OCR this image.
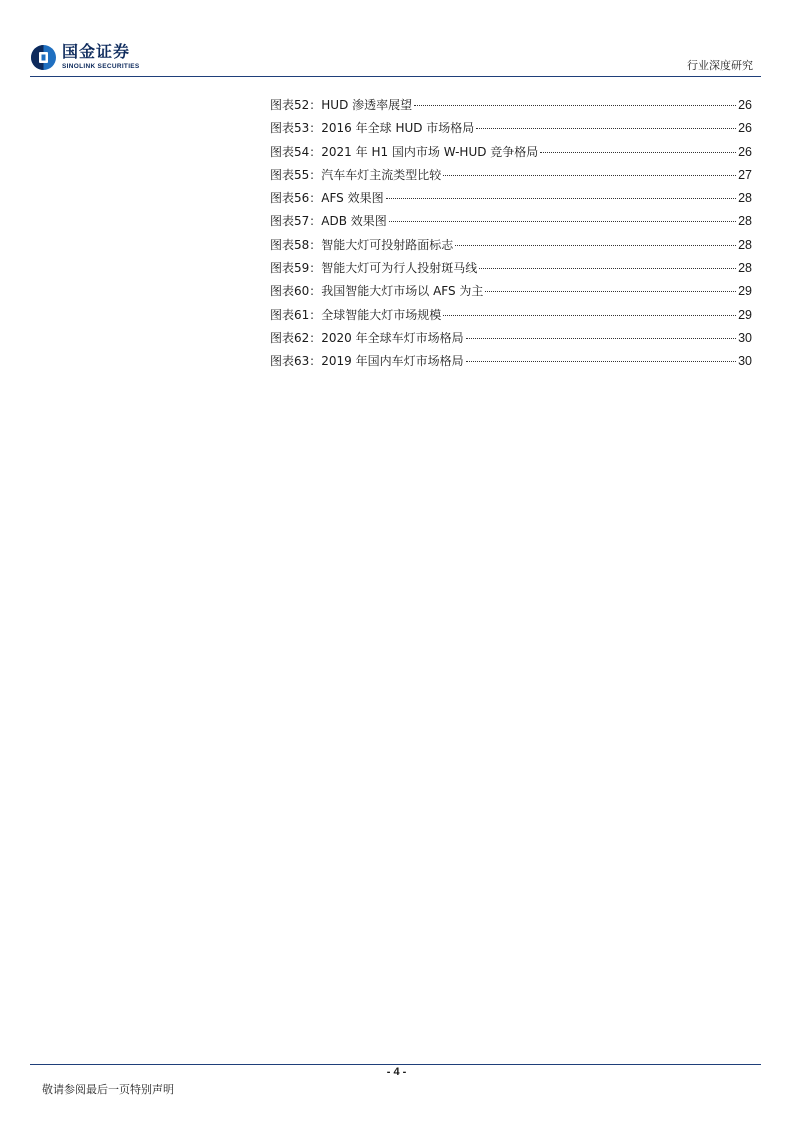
国金证券
SINOLINK SECURITIES	行业深度研究
图表52：HUD 渗透率展望	26
图表53：2016 年全球 HUD 市场格局	26
图表54：2021 年 H1 国内市场 W-HUD 竞争格局	26
图表55：汽车车灯主流类型比较	27
图表56：AFS 效果图	28
图表57：ADB 效果图	28
图表58：智能大灯可投射路面标志	28
图表59：智能大灯可为行人投射斑马线	28
图表60：我国智能大灯市场以 AFS 为主	29
图表61：全球智能大灯市场规模	29
图表62：2020 年全球车灯市场格局	30
图表63：2019 年国内车灯市场格局	30
- 4 -
敬请参阅最后一页特别声明
